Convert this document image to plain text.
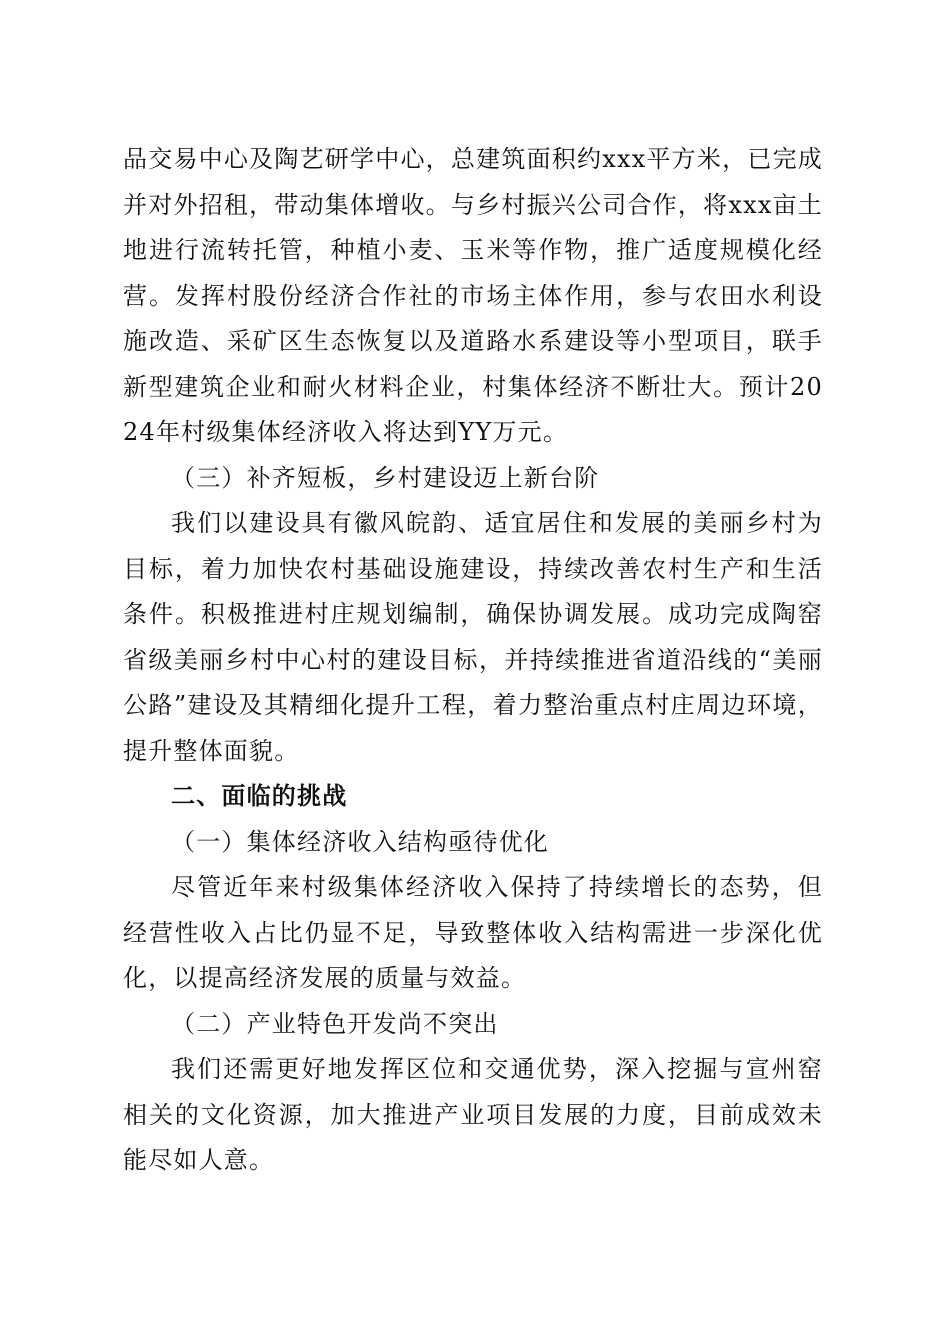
品交易中心及陶艺研学中心，总建筑面积约xxx平方米，已完成并对外招租，带动集体增收。与乡村振兴公司合作，将xxx亩土地进行流转托管，种植小麦、玉米等作物，推广适度规模化经营。发挥村股份经济合作社的市场主体作用，参与农田水利设施改造、采矿区生态恢复以及道路水系建设等小型项目，联手新型建筑企业和耐火材料企业，村集体经济不断壮大。预计2024年村级集体经济收入将达到YY万元。

（三）补齐短板，乡村建设迈上新台阶

我们以建设具有徽风皖韵、适宜居住和发展的美丽乡村为目标，着力加快农村基础设施建设，持续改善农村生产和生活条件。积极推进村庄规划编制，确保协调发展。成功完成陶窑省级美丽乡村中心村的建设目标，并持续推进省道沿线的“美丽公路”建设及其精细化提升工程，着力整治重点村庄周边环境，提升整体面貌。

二、面临的挑战

（一）集体经济收入结构亟待优化

尽管近年来村级集体经济收入保持了持续增长的态势，但经营性收入占比仍显不足，导致整体收入结构需进一步深化优化，以提高经济发展的质量与效益。

（二）产业特色开发尚不突出

我们还需更好地发挥区位和交通优势，深入挖掘与宣州窑相关的文化资源，加大推进产业项目发展的力度，目前成效未能尽如人意。
